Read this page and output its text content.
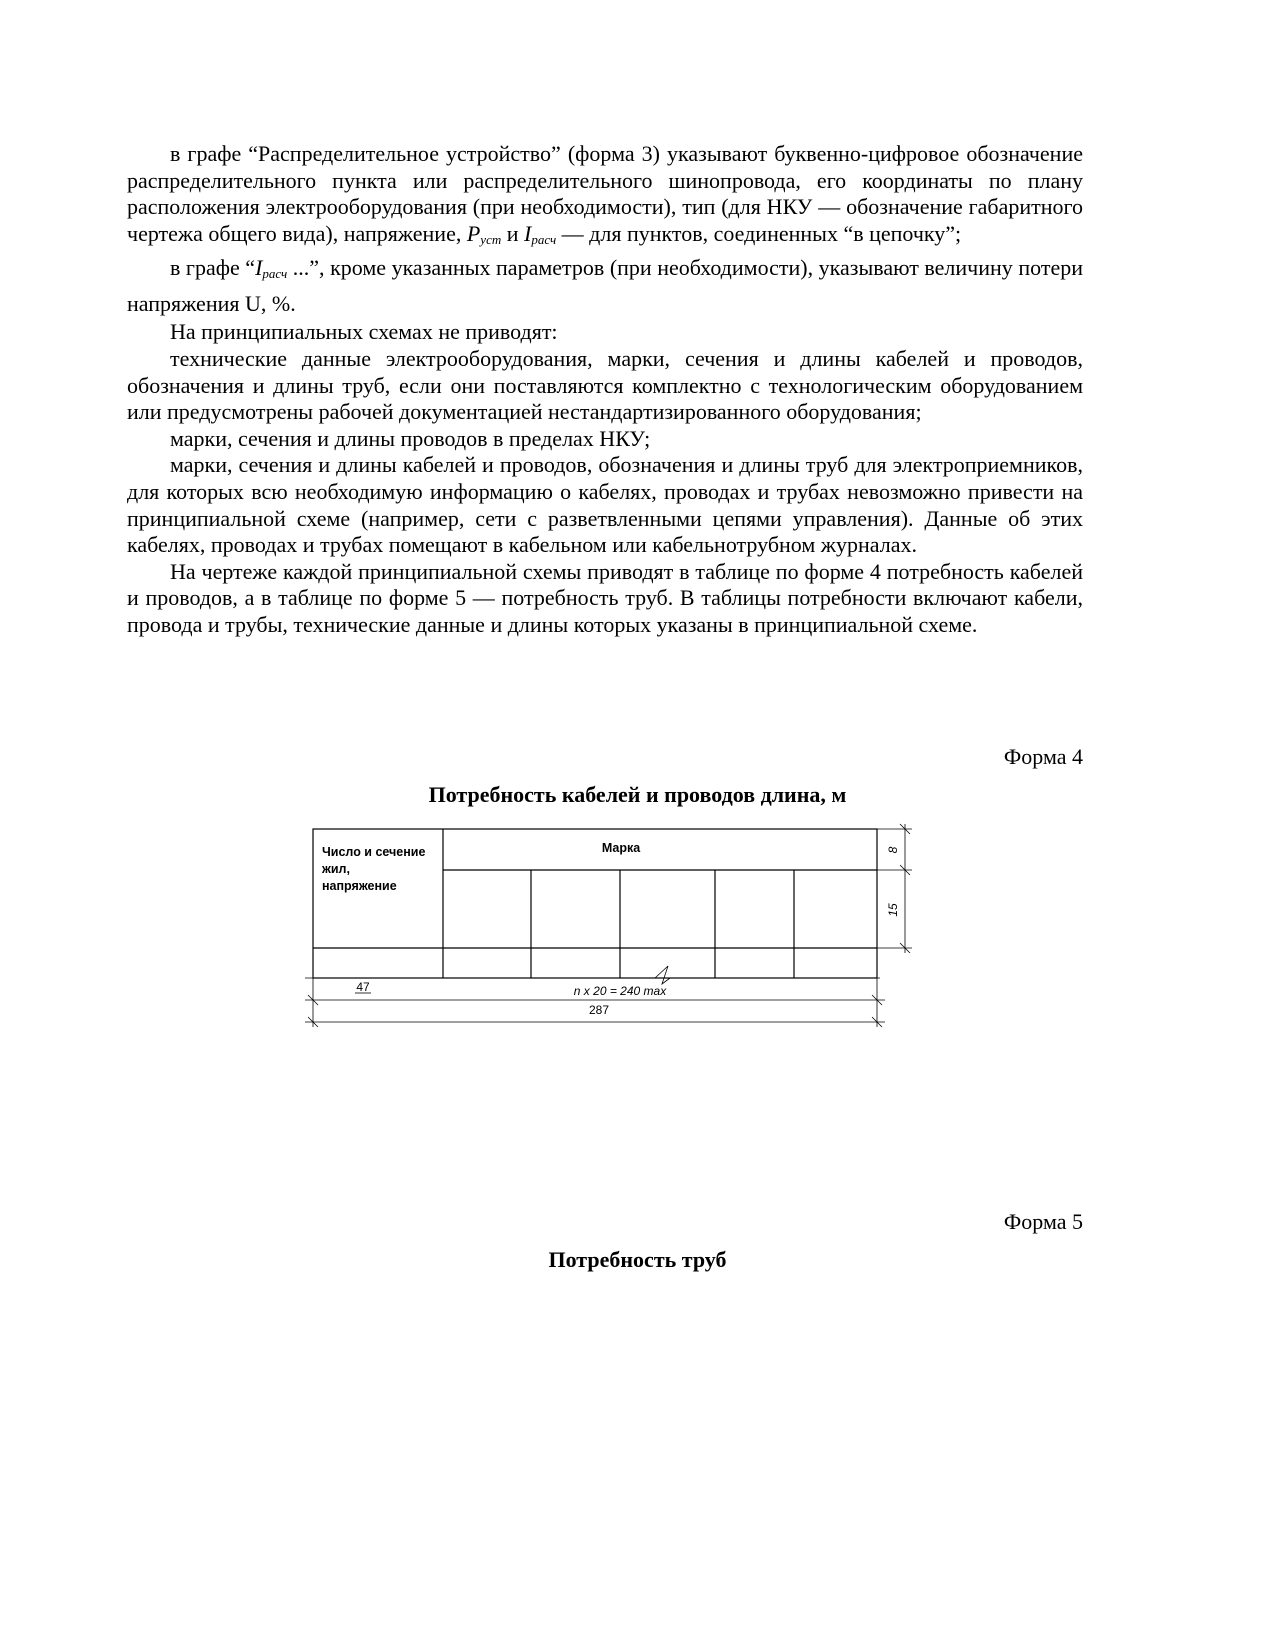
в графе “Распределительное устройство” (форма 3) указывают буквенно-цифровое обозначение распределительного пункта или распределительного шинопровода, его координаты по плану расположения электрооборудования (при необходимости), тип (для НКУ — обозначение габаритного чертежа общего вида), напряжение, $P_{уст}$ и $I_{расч}$ — для пунктов, соединенных “в цепочку”;

в графе “$I_{расч}$ ...”, кроме указанных параметров (при необходимости), указывают величину потери напряжения U, %.

На принципиальных схемах не приводят:

технические данные электрооборудования, марки, сечения и длины кабелей и проводов, обозначения и длины труб, если они поставляются комплектно с технологическим оборудованием или предусмотрены рабочей документацией нестандартизированного оборудования;

марки, сечения и длины проводов в пределах НКУ;

марки, сечения и длины кабелей и проводов, обозначения и длины труб для электроприемников, для которых всю необходимую информацию о кабелях, проводах и трубах невозможно привести на принципиальной схеме (например, сети с разветвленными цепями управления). Данные об этих кабелях, проводах и трубах помещают в кабельном или кабельнотрубном журналах.

На чертеже каждой принципиальной схемы приводят в таблице по форме 4 потребность кабелей и проводов, а в таблице по форме 5 — потребность труб. В таблицы потребности включают кабели, провода и трубы, технические данные и длины которых указаны в принципиальной схеме.

Форма 4
Потребность кабелей и проводов длина, м
Число и сечение
жил,
напряжение
Марка	8
15
47	n x 20 = 240 max
287
Форма 5
Потребность труб
